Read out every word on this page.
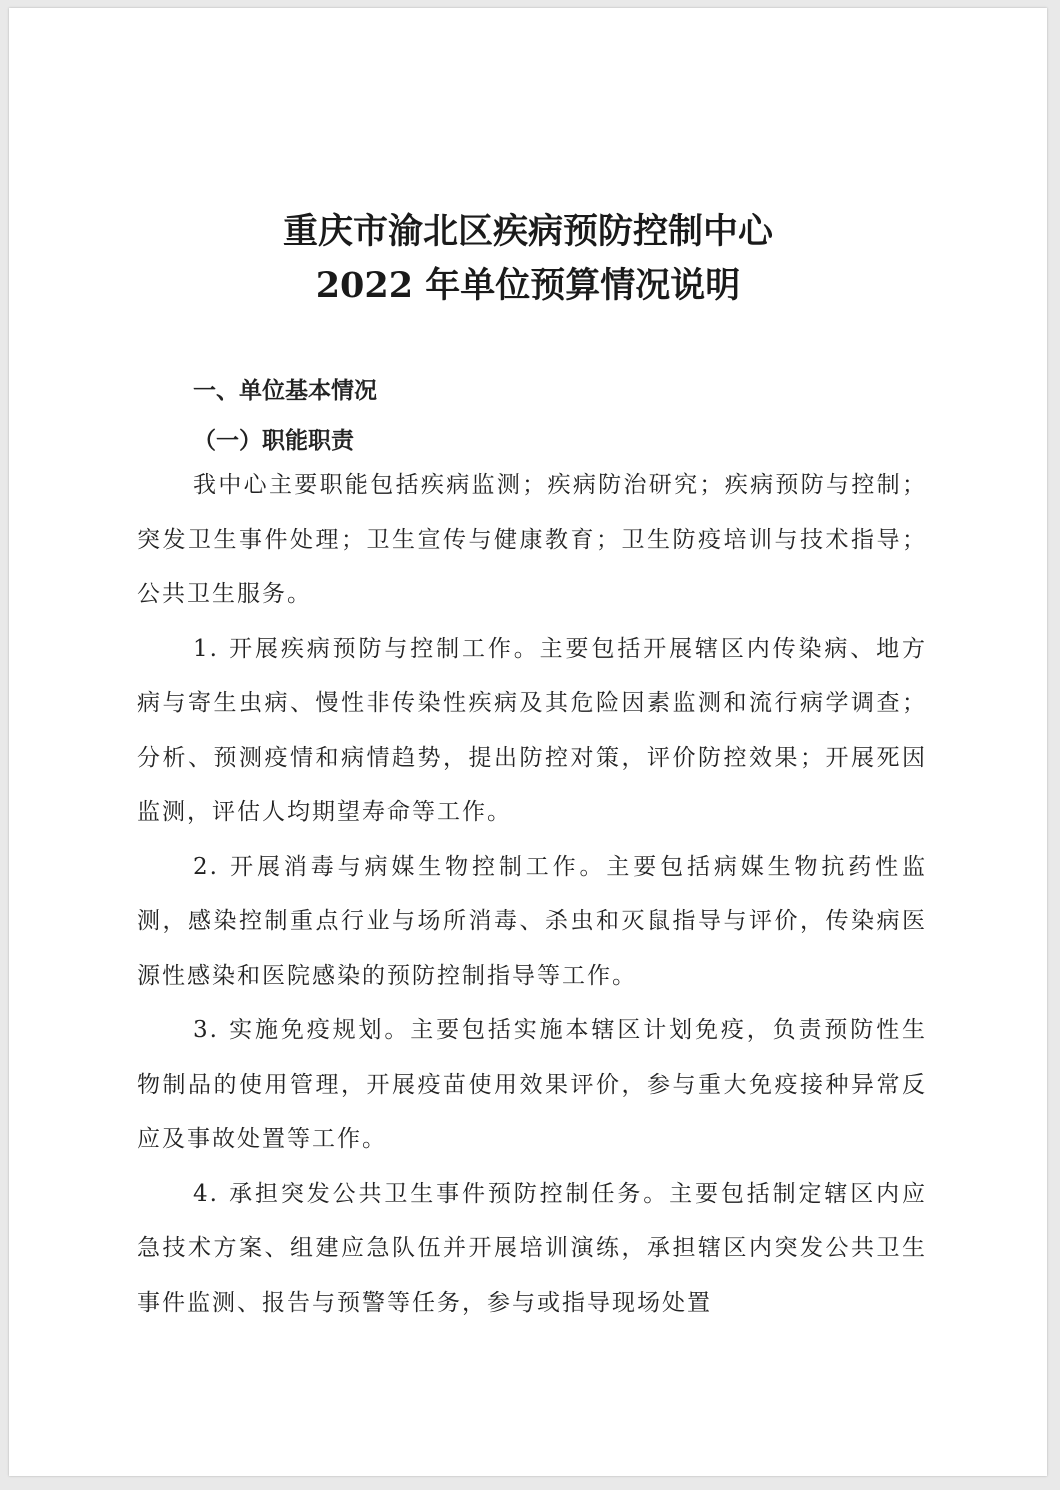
重庆市渝北区疾病预防控制中心
2022 年单位预算情况说明
一、单位基本情况
（一）职能职责

我中心主要职能包括疾病监测；疾病防治研究；疾病预防与控制；突发卫生事件处理；卫生宣传与健康教育；卫生防疫培训与技术指导；公共卫生服务。

1. 开展疾病预防与控制工作。主要包括开展辖区内传染病、地方病与寄生虫病、慢性非传染性疾病及其危险因素监测和流行病学调查；分析、预测疫情和病情趋势，提出防控对策，评价防控效果；开展死因监测，评估人均期望寿命等工作。

2. 开展消毒与病媒生物控制工作。主要包括病媒生物抗药性监测，感染控制重点行业与场所消毒、杀虫和灭鼠指导与评价，传染病医源性感染和医院感染的预防控制指导等工作。

3. 实施免疫规划。主要包括实施本辖区计划免疫，负责预防性生物制品的使用管理，开展疫苗使用效果评价，参与重大免疫接种异常反应及事故处置等工作。

4. 承担突发公共卫生事件预防控制任务。主要包括制定辖区内应急技术方案、组建应急队伍并开展培训演练，承担辖区内突发公共卫生事件监测、报告与预警等任务，参与或指导现场处置
